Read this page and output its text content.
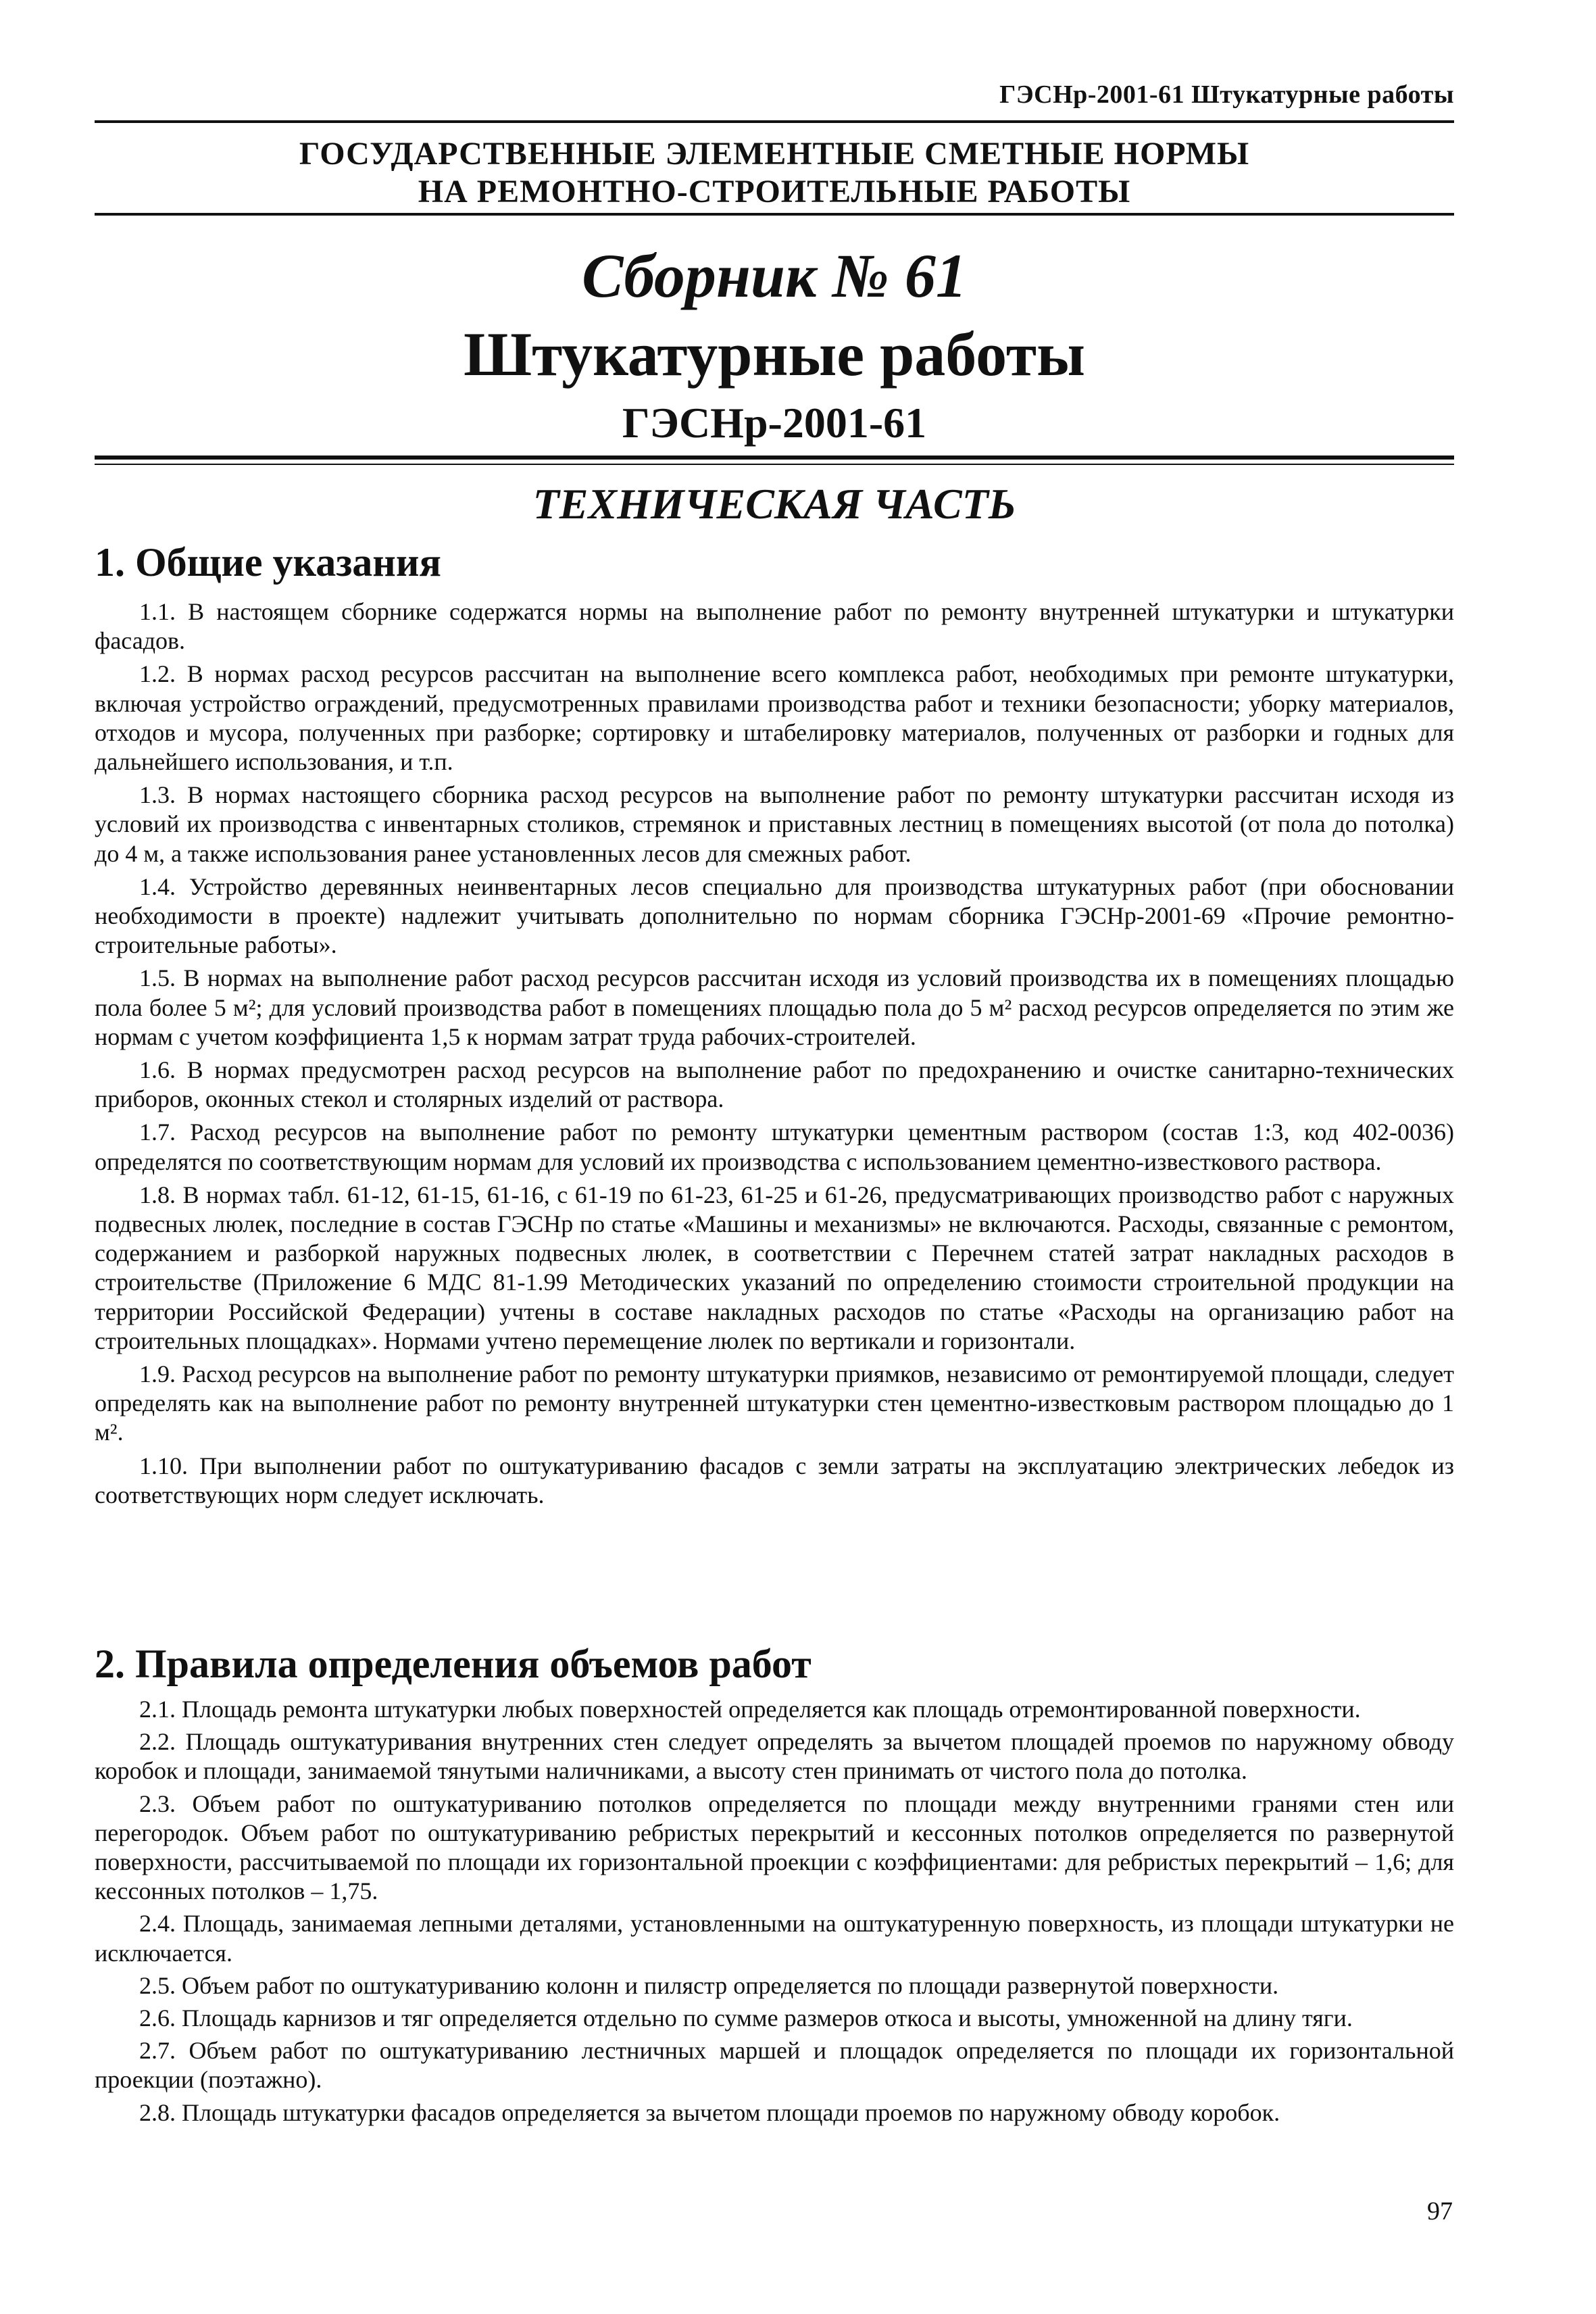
ГЭСНр-2001-61 Штукатурные работы
ГОСУДАРСТВЕННЫЕ ЭЛЕМЕНТНЫЕ СМЕТНЫЕ НОРМЫ
НА РЕМОНТНО-СТРОИТЕЛЬНЫЕ РАБОТЫ
Сборник № 61
Штукатурные работы
ГЭСНр-2001-61
ТЕХНИЧЕСКАЯ ЧАСТЬ
1. Общие указания

1.1. В настоящем сборнике содержатся нормы на выполнение работ по ремонту внутренней штукатурки и штукатурки фасадов.

1.2. В нормах расход ресурсов рассчитан на выполнение всего комплекса работ, необходимых при ремонте штукатурки, включая устройство ограждений, предусмотренных правилами производства работ и техники безопасности; уборку материалов, отходов и мусора, полученных при разборке; сортировку и штабелировку материалов, полученных от разборки и годных для дальнейшего использования, и т.п.

1.3. В нормах настоящего сборника расход ресурсов на выполнение работ по ремонту штукатурки рассчитан исходя из условий их производства с инвентарных столиков, стремянок и приставных лестниц в помещениях высотой (от пола до потолка) до 4 м, а также использования ранее установленных лесов для смежных работ.

1.4. Устройство деревянных неинвентарных лесов специально для производства штукатурных работ (при обосновании необходимости в проекте) надлежит учитывать дополнительно по нормам сборника ГЭСНр-2001-69 «Прочие ремонтно-строительные работы».

1.5. В нормах на выполнение работ расход ресурсов рассчитан исходя из условий производства их в помещениях площадью пола более 5 м²; для условий производства работ в помещениях площадью пола до 5 м² расход ресурсов определяется по этим же нормам с учетом коэффициента 1,5 к нормам затрат труда рабочих-строителей.

1.6. В нормах предусмотрен расход ресурсов на выполнение работ по предохранению и очистке санитарно-технических приборов, оконных стекол и столярных изделий от раствора.

1.7. Расход ресурсов на выполнение работ по ремонту штукатурки цементным раствором (состав 1:3, код 402-0036) определятся по соответствующим нормам для условий их производства с использованием цементно-известкового раствора.

1.8. В нормах табл. 61-12, 61-15, 61-16, с 61-19 по 61-23, 61-25 и 61-26, предусматривающих производство работ с наружных подвесных люлек, последние в состав ГЭСНр по статье «Машины и механизмы» не включаются. Расходы, связанные с ремонтом, содержанием и разборкой наружных подвесных люлек, в соответствии с Перечнем статей затрат накладных расходов в строительстве (Приложение 6 МДС 81-1.99 Методических указаний по определению стоимости строительной продукции на территории Российской Федерации) учтены в составе накладных расходов по статье «Расходы на организацию работ на строительных площадках». Нормами учтено перемещение люлек по вертикали и горизонтали.

1.9. Расход ресурсов на выполнение работ по ремонту штукатурки приямков, независимо от ремонтируемой площади, следует определять как на выполнение работ по ремонту внутренней штукатурки стен цементно-известковым раствором площадью до 1 м².

1.10. При выполнении работ по оштукатуриванию фасадов с земли затраты на эксплуатацию электрических лебедок из соответствующих норм следует исключать.

2. Правила определения объемов работ

2.1. Площадь ремонта штукатурки любых поверхностей определяется как площадь отремонтированной поверхности.

2.2. Площадь оштукатуривания внутренних стен следует определять за вычетом площадей проемов по наружному обводу коробок и площади, занимаемой тянутыми наличниками, а высоту стен принимать от чистого пола до потолка.

2.3. Объем работ по оштукатуриванию потолков определяется по площади между внутренними гранями стен или перегородок. Объем работ по оштукатуриванию ребристых перекрытий и кессонных потолков определяется по развернутой поверхности, рассчитываемой по площади их горизонтальной проекции с коэффициентами: для ребристых перекрытий – 1,6; для кессонных потолков – 1,75.

2.4. Площадь, занимаемая лепными деталями, установленными на оштукатуренную поверхность, из площади штукатурки не исключается.

2.5. Объем работ по оштукатуриванию колонн и пилястр определяется по площади развернутой поверхности.

2.6. Площадь карнизов и тяг определяется отдельно по сумме размеров откоса и высоты, умноженной на длину тяги.

2.7. Объем работ по оштукатуриванию лестничных маршей и площадок определяется по площади их горизонтальной проекции (поэтажно).

2.8. Площадь штукатурки фасадов определяется за вычетом площади проемов по наружному обводу коробок.

97
